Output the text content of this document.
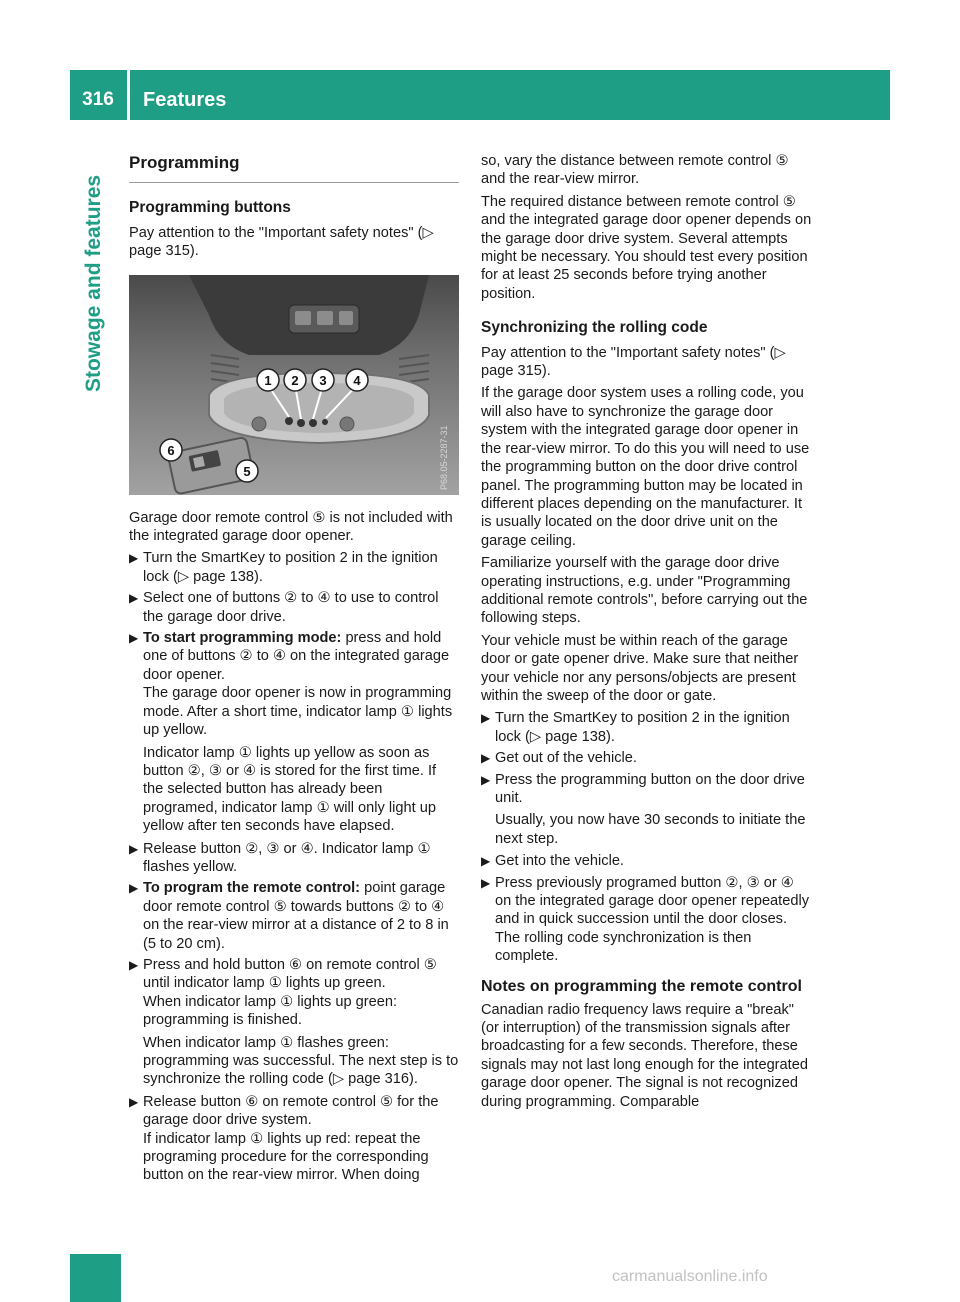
316	Features
Stowage and features
Programming
Programming buttons

Pay attention to the "Important safety notes" (▷ page 315).

1 2 3 4
5
6	P68.05-2287-31

Garage door remote control ⑤ is not included with the integrated garage door opener.

▶ Turn the SmartKey to position 2 in the ignition lock (▷ page 138).
▶ Select one of buttons ② to ④ to use to control the garage door drive.
▶ To start programming mode: press and hold one of buttons ② to ④ on the integrated garage door opener.
The garage door opener is now in programming mode. After a short time, indicator lamp ① lights up yellow.

Indicator lamp ① lights up yellow as soon as button ②, ③ or ④ is stored for the first time. If the selected button has already been programed, indicator lamp ① will only light up yellow after ten seconds have elapsed.

▶ Release button ②, ③ or ④. Indicator lamp ① flashes yellow.
▶ To program the remote control: point garage door remote control ⑤ towards buttons ② to ④ on the rear-view mirror at a distance of 2 to 8 in (5 to 20 cm).
▶ Press and hold button ⑥ on remote control ⑤ until indicator lamp ① lights up green.
When indicator lamp ① lights up green: programming is finished.

When indicator lamp ① flashes green: programming was successful. The next step is to synchronize the rolling code (▷ page 316).

▶ Release button ⑥ on remote control ⑤ for the garage door drive system.
If indicator lamp ① lights up red: repeat the programing procedure for the corresponding button on the rear-view mirror. When doing

so, vary the distance between remote control ⑤ and the rear-view mirror.

The required distance between remote control ⑤ and the integrated garage door opener depends on the garage door drive system. Several attempts might be necessary. You should test every position for at least 25 seconds before trying another position.

Synchronizing the rolling code

Pay attention to the "Important safety notes" (▷ page 315).

If the garage door system uses a rolling code, you will also have to synchronize the garage door system with the integrated garage door opener in the rear-view mirror. To do this you will need to use the programming button on the door drive control panel. The programming button may be located in different places depending on the manufacturer. It is usually located on the door drive unit on the garage ceiling.

Familiarize yourself with the garage door drive operating instructions, e.g. under "Programming additional remote controls", before carrying out the following steps.

Your vehicle must be within reach of the garage door or gate opener drive. Make sure that neither your vehicle nor any persons/objects are present within the sweep of the door or gate.

▶ Turn the SmartKey to position 2 in the ignition lock (▷ page 138).
▶ Get out of the vehicle.
▶ Press the programming button on the door drive unit.

Usually, you now have 30 seconds to initiate the next step.

▶ Get into the vehicle.
▶ Press previously programed button ②, ③ or ④ on the integrated garage door opener repeatedly and in quick succession until the door closes.
The rolling code synchronization is then complete.
Notes on programming the remote control

Canadian radio frequency laws require a "break" (or interruption) of the transmission signals after broadcasting for a few seconds. Therefore, these signals may not last long enough for the integrated garage door opener. The signal is not recognized during programming. Comparable

carmanualsonline.info
